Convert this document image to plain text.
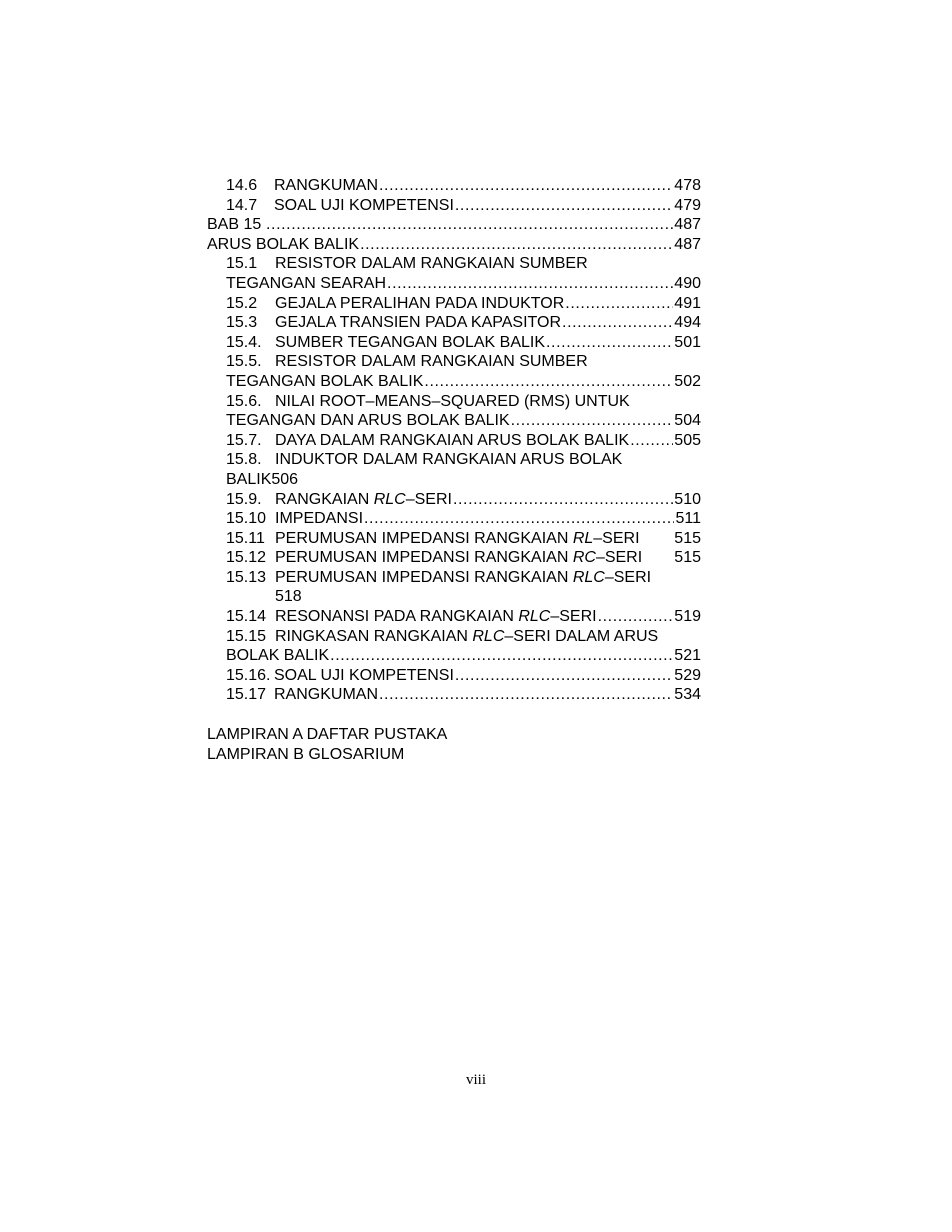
14.6	RANGKUMAN .....	478
14.7	SOAL UJI KOMPETENSI .....	479
BAB 15 .....	487
ARUS BOLAK BALIK .....	487
15.1	RESISTOR DALAM RANGKAIAN SUMBER
TEGANGAN SEARAH .....	490
15.2	GEJALA PERALIHAN PADA INDUKTOR .....	491
15.3	GEJALA TRANSIEN PADA KAPASITOR .....	494
15.4. SUMBER TEGANGAN BOLAK BALIK .....	501
15.5. RESISTOR DALAM RANGKAIAN SUMBER
TEGANGAN BOLAK BALIK .....	502
15.6. NILAI ROOT–MEANS–SQUARED (RMS) UNTUK
TEGANGAN DAN ARUS BOLAK BALIK .....	504
15.7. DAYA DALAM RANGKAIAN ARUS BOLAK BALIK .....	505
15.8. INDUKTOR DALAM RANGKAIAN ARUS BOLAK
BALIK506
15.9. RANGKAIAN RLC–SERI .....	510
15.10 IMPEDANSI .....	511
15.11 PERUMUSAN IMPEDANSI RANGKAIAN RL–SERI 515
15.12 PERUMUSAN IMPEDANSI RANGKAIAN RC–SERI 515
15.13 PERUMUSAN IMPEDANSI RANGKAIAN RLC–SERI
518
15.14 RESONANSI PADA RANGKAIAN RLC–SERI .....	519
15.15 RINGKASAN RANGKAIAN RLC–SERI DALAM ARUS
BOLAK BALIK .....	521
15.16. SOAL UJI KOMPETENSI .....	529
15.17 RANGKUMAN .....	534
LAMPIRAN A DAFTAR PUSTAKA
LAMPIRAN B GLOSARIUM
viii
